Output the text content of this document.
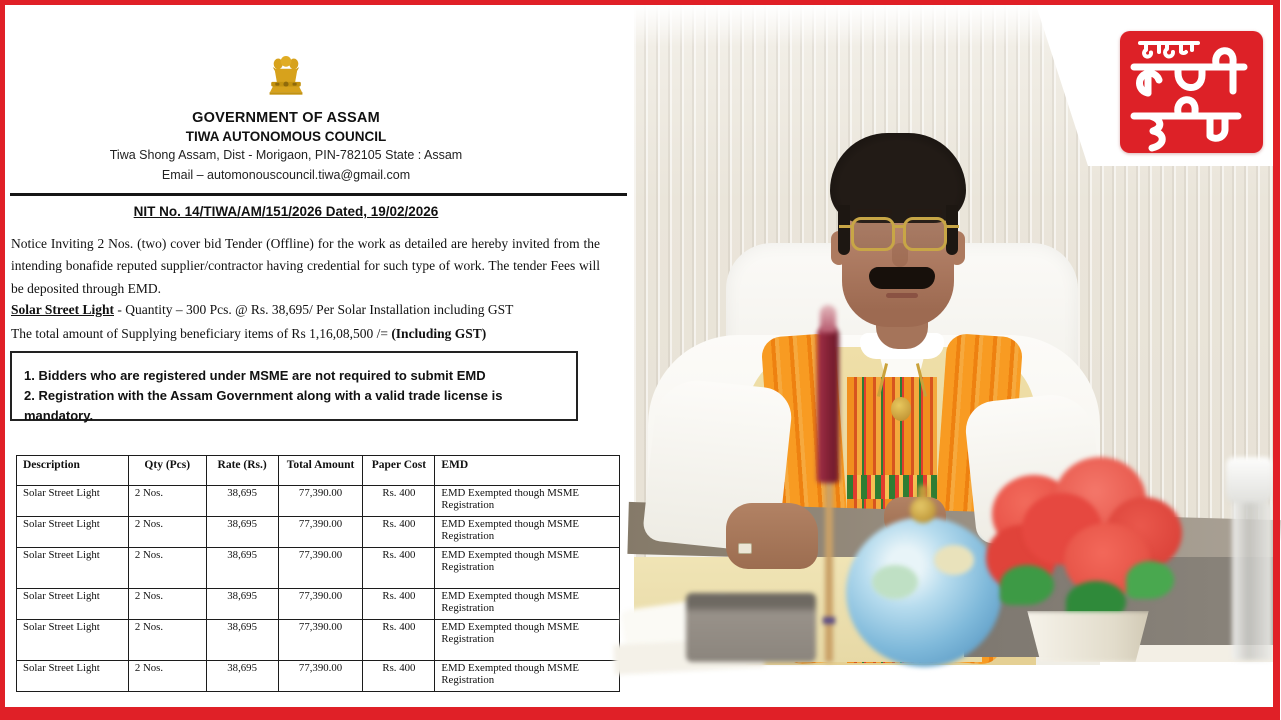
GOVERNMENT OF ASSAM
TIWA AUTONOMOUS COUNCIL
Tiwa Shong Assam, Dist - Morigaon, PIN-782105 State : Assam
Email – automonouscouncil.tiwa@gmail.com
NIT No. 14/TIWA/AM/151/2026 Dated, 19/02/2026
Notice Inviting 2 Nos. (two) cover bid Tender (Offline) for the work as detailed are hereby invited from the intending bonafide reputed supplier/contractor having credential for such type of work. The tender Fees will be deposited through EMD.
Solar Street Light - Quantity – 300 Pcs. @ Rs. 38,695/ Per Solar Installation including GST
The total amount of Supplying beneficiary items of Rs 1,16,08,500 /= (Including GST)
1. Bidders who are registered under MSME are not required to submit EMD
2. Registration with the Assam Government along with a valid trade license is mandatory.
Description	Qty (Pcs)	Rate (Rs.)	Total Amount	Paper Cost	EMD
Solar Street Light	2 Nos.	38,695	77,390.00	Rs. 400	EMD Exempted though MSME Registration
Solar Street Light	2 Nos.	38,695	77,390.00	Rs. 400	EMD Exempted though MSME Registration
Solar Street Light	2 Nos.	38,695	77,390.00	Rs. 400	EMD Exempted though MSME Registration
Solar Street Light	2 Nos.	38,695	77,390.00	Rs. 400	EMD Exempted though MSME Registration
Solar Street Light	2 Nos.	38,695	77,390.00	Rs. 400	EMD Exempted though MSME Registration
Solar Street Light	2 Nos.	38,695	77,390.00	Rs. 400	EMD Exempted though MSME Registration
